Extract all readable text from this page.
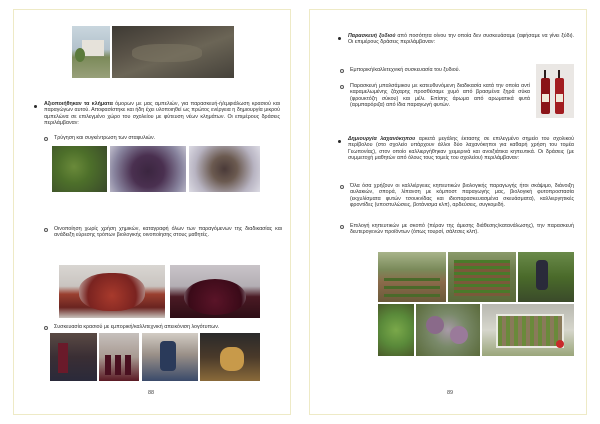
Αξιοποιήθηκαν τα κλήματα όμορων με μας αμπελιών, για παρασκευή-ή/εμφιάλωση κρασιού και παραγώγων αυτού. Αποφασίστηκε και ήδη έχει υλοποιηθεί ως πρώτος ενέργεια η δημιουργία μικρού αμπελώνα σε επιλεγμένο χώρο του σχολείου με φύτευση νέων κλημάτων. Οι επιμέρους δράσεις περιλάμβαναν:

Τρύγηση και συγκέντρωση των σταφυλιών.

Οινοποίηση χωρίς χρήση χημικών, καταγραφή όλων των παραγόμενων της διαδικασίας και ανάδειξη εύρεσης τρόπων βιολογικής οινοποίησης στους μαθητές.

Συσκευασία κρασιού με εμπορική/καλλιτεχνική απεικόνιση λογότυπων.

88

Παρασκευή ξυδιού από ποσότητα οίνου την οποία δεν συσκευάσαμε (αφήσαμε να γίνει ξύδι). Οι επιμέρους δράσεις περιλάμβαναν:

Εμπορική/καλλιτεχνική συσκευασία του ξυδιού.

Παρασκευή μπαλσάμικου με κατευθυνόμενη διαδικασία κατά την οποία αντί καραμελωμένης ζάχαρης προσθέσαμε χυμό από βρασμένα ξηρά σύκα (φρουκτόζη σύκου) και μέλι. Επίσης άρωμα από αρωματικά φυτά (αρμπαρόριζα) από ίδια παραγωγή φυτών.

Δημιουργία λαχανόκηπου αρκετά μεγάλης έκτασης σε επιλεγμένο σημείο του σχολικού περίβολου (στο σχολείο υπάρχουν άλλοι δύο λαχανόκηποι για καθαρή χρήση του τομέα Γεωπονίας), στον οποίο καλλιεργήθηκαν χειμερινά και ανοιξιάτικα κηπευτικά. Οι δράσεις (με συμμετοχή μαθητών από όλους τους τομείς του σχολείου) περιλάμβαναν:

Όλα όσα χρήζουν οι καλλιέργειες κηπευτικών βιολογικής παραγωγής ήτοι σκάψιμο, διάνοιξη αυλακιών, σπορά, λίπανση με κόμποστ παραγωγής μας, βιολογική φυτοπροστασία (εκχυλίσματα φυτών τσουκνίδας και ιδιοπαρασκευασμένα σκευάσματα), καλλιεργητικές φροντίδες (υποστυλώσεις, βοτάνισμα κλπ), αρδεύσεις, συγκομιδή.

Επιλογή κηπευτικών με σκοπό (πέραν της άμεσης διάθεσης/κατανάλωσης), την παρασκευή δευτερογενών προϊόντων (όπως τουρσί, σάλτσες κλπ).

89
